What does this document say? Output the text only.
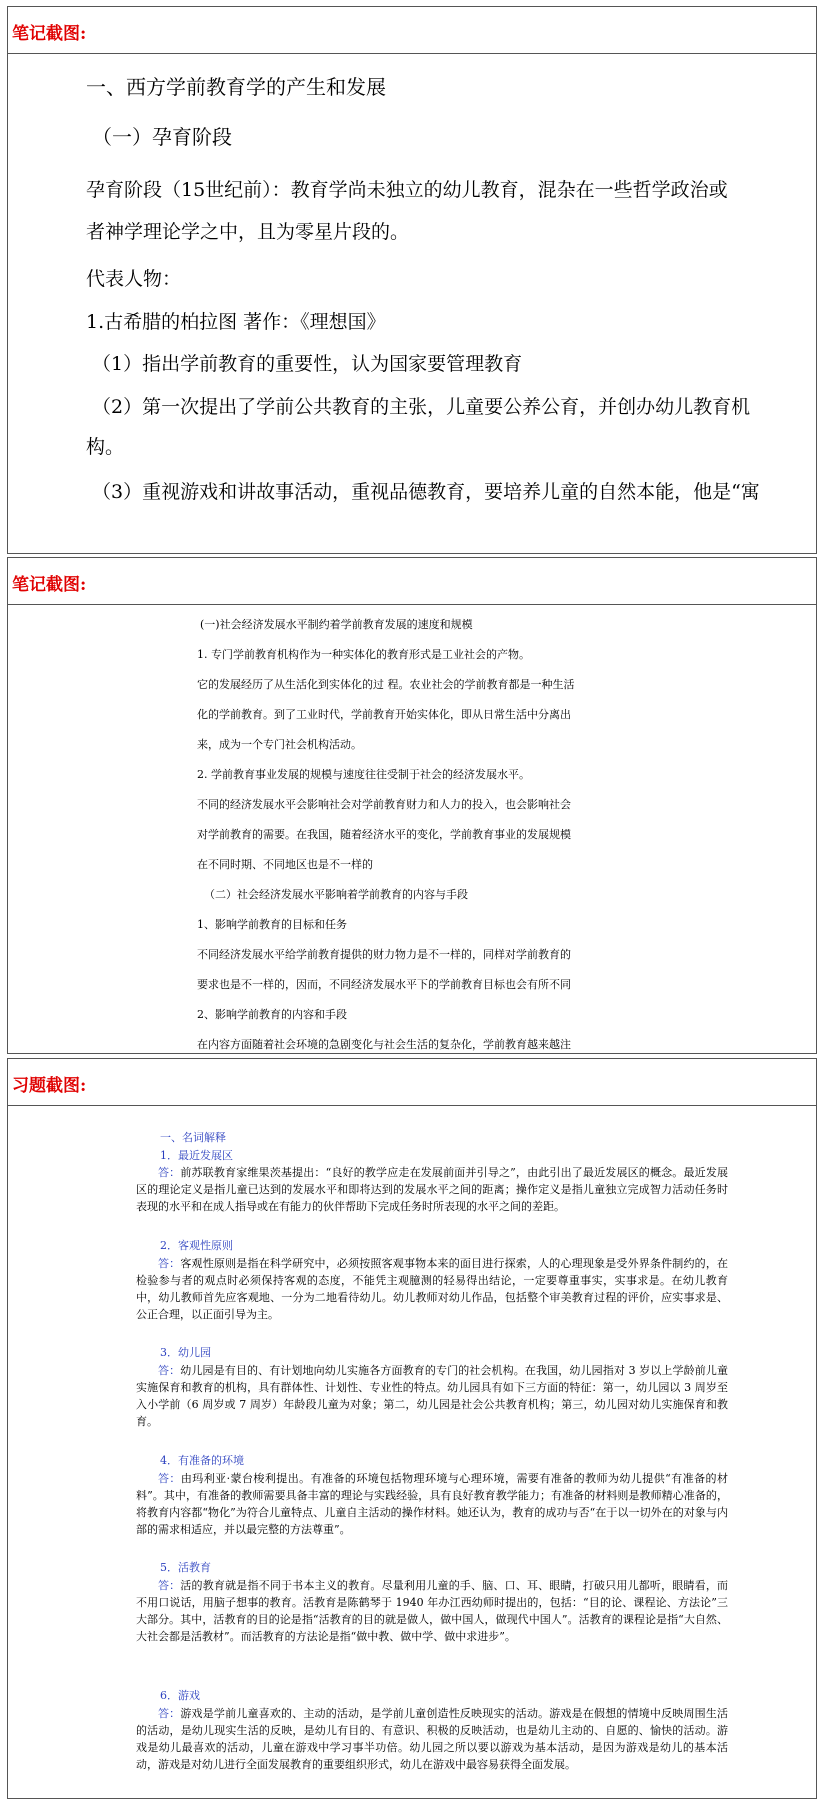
笔记截图:
一、西方学前教育学的产生和发展
（一）孕育阶段
孕育阶段（15世纪前）：教育学尚未独立的幼儿教育，混杂在一些哲学政治或
者神学理论学之中，且为零星片段的。
代表人物：
1.古希腊的柏拉图 著作：《理想国》
（1）指出学前教育的重要性，认为国家要管理教育
（2）第一次提出了学前公共教育的主张，儿童要公养公育，并创办幼儿教育机
构。
（3）重视游戏和讲故事活动，重视品德教育，要培养儿童的自然本能，他是“寓
笔记截图:
(一)社会经济发展水平制约着学前教育发展的速度和规模
1. 专门学前教育机构作为一种实体化的教育形式是工业社会的产物。
它的发展经历了从生活化到实体化的过 程。农业社会的学前教育都是一种生活
化的学前教育。到了工业时代，学前教育开始实体化，即从日常生活中分离出
来，成为一个专门社会机构活动。
2. 学前教育事业发展的规模与速度往往受制于社会的经济发展水平。
不同的经济发展水平会影响社会对学前教育财力和人力的投入，也会影响社会
对学前教育的需要。在我国，随着经济水平的变化，学前教育事业的发展规模
在不同时期、不同地区也是不一样的
（二）社会经济发展水平影响着学前教育的内容与手段
1、影响学前教育的目标和任务
不同经济发展水平给学前教育提供的财力物力是不一样的，同样对学前教育的
要求也是不一样的，因而，不同经济发展水平下的学前教育目标也会有所不同
2、影响学前教育的内容和手段
在内容方面随着社会环境的急剧变化与社会生活的复杂化，学前教育越来越注
习题截图:
一、名词解释
1．最近发展区
答：前苏联教育家维果茨基提出：“良好的教学应走在发展前面并引导之”，由此引出了最近发展区的概念。最近发展区的理论定义是指儿童已达到的发展水平和即将达到的发展水平之间的距离；操作定义是指儿童独立完成智力活动任务时表现的水平和在成人指导或在有能力的伙伴帮助下完成任务时所表现的水平之间的差距。
2．客观性原则
答：客观性原则是指在科学研究中，必须按照客观事物本来的面目进行探索，人的心理现象是受外界条件制约的，在检验参与者的观点时必须保持客观的态度，不能凭主观臆测的轻易得出结论，一定要尊重事实，实事求是。在幼儿教育中，幼儿教师首先应客观地、一分为二地看待幼儿。幼儿教师对幼儿作品，包括整个审美教育过程的评价，应实事求是、公正合理，以正面引导为主。
3．幼儿园
答：幼儿园是有目的、有计划地向幼儿实施各方面教育的专门的社会机构。在我国，幼儿园指对 3 岁以上学龄前儿童实施保育和教育的机构，具有群体性、计划性、专业性的特点。幼儿园具有如下三方面的特征：第一，幼儿园以 3 周岁至入小学前（6 周岁或 7 周岁）年龄段儿童为对象；第二，幼儿园是社会公共教育机构；第三，幼儿园对幼儿实施保育和教育。
4．有准备的环境
答：由玛利亚·蒙台梭利提出。有准备的环境包括物理环境与心理环境，需要有准备的教师为幼儿提供“有准备的材料”。其中，有准备的教师需要具备丰富的理论与实践经验，具有良好教育教学能力；有准备的材料则是教师精心准备的，将教育内容都“物化”为符合儿童特点、儿童自主活动的操作材料。她还认为，教育的成功与否“在于以一切外在的对象与内部的需求相适应，并以最完整的方法尊重”。
5．活教育
答：活的教育就是指不同于书本主义的教育。尽量利用儿童的手、脑、口、耳、眼睛，打破只用儿都听，眼睛看，而不用口说话，用脑子想事的教育。活教育是陈鹤琴于 1940 年办江西幼师时提出的，包括：“目的论、课程论、方法论”三大部分。其中，活教育的目的论是指“活教育的目的就是做人，做中国人，做现代中国人”。活教育的课程论是指“大自然、大社会都是活教材”。而活教育的方法论是指“做中教、做中学、做中求进步”。
6．游戏
答：游戏是学前儿童喜欢的、主动的活动，是学前儿童创造性反映现实的活动。游戏是在假想的情境中反映周围生活的活动，是幼儿现实生活的反映，是幼儿有目的、有意识、积极的反映活动，也是幼儿主动的、自愿的、愉快的活动。游戏是幼儿最喜欢的活动，儿童在游戏中学习事半功倍。幼儿园之所以要以游戏为基本活动，是因为游戏是幼儿的基本活动，游戏是对幼儿进行全面发展教育的重要组织形式，幼儿在游戏中最容易获得全面发展。
